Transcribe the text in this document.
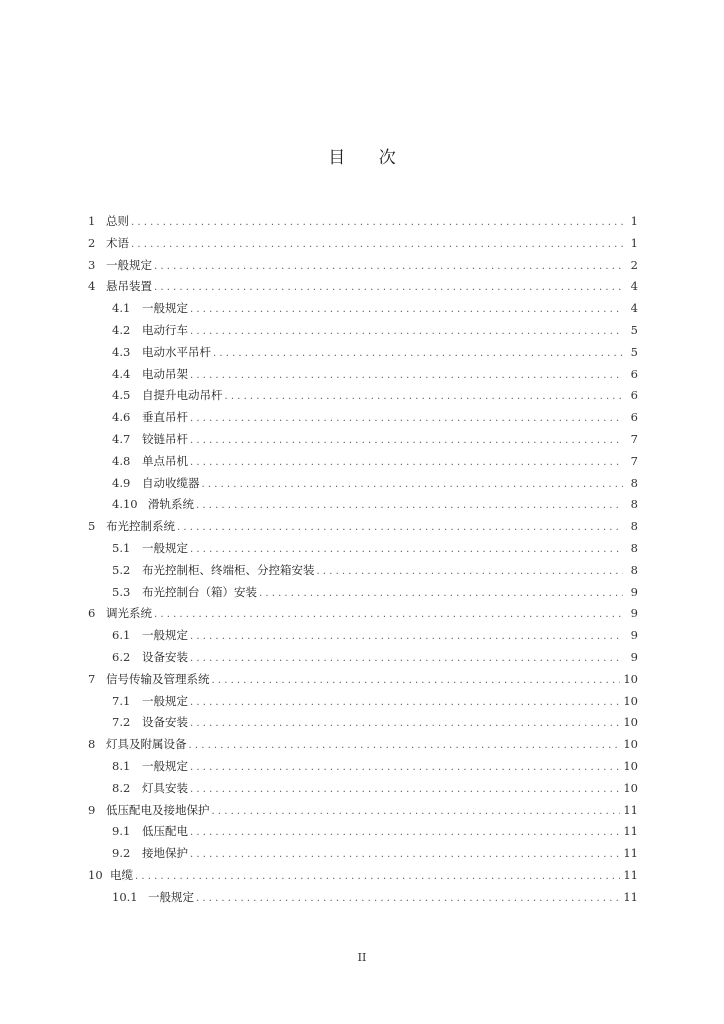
目 次
1 总则 . . .	1
2 术语 . . .	1
3 一般规定 . . .	2
4 悬吊装置 . . .	4
4.1	一般规定 . . .	4
4.2	电动行车 . . .	5
4.3	电动水平吊杆 . . .	5
4.4	电动吊架 . . .	6
4.5	自提升电动吊杆 . . .	6
4.6	垂直吊杆 . . .	6
4.7	铰链吊杆 . . .	7
4.8	单点吊机 . . .	7
4.9	自动收缆器 . . .	8
4.10 滑轨系统 . . .	8
5 布光控制系统 . . .	8
5.1	一般规定 . . .	8
5.2	布光控制柜、终端柜、分控箱安装 . . .	8
5.3	布光控制台（箱）安装 . . .	9
6 调光系统 . . .	9
6.1	一般规定 . . .	9
6.2	设备安装 . . .	9
7 信号传输及管理系统 . . .	10
7.1	一般规定 . . .	10
7.2	设备安装 . . .	10
8 灯具及附属设备 . . .	10
8.1	一般规定 . . .	10
8.2	灯具安装 . . .	10
9 低压配电及接地保护 . . .	11
9.1	低压配电 . . .	11
9.2	接地保护 . . .	11
10 电缆 . . .	11
10.1 一般规定 . . .	11
II
